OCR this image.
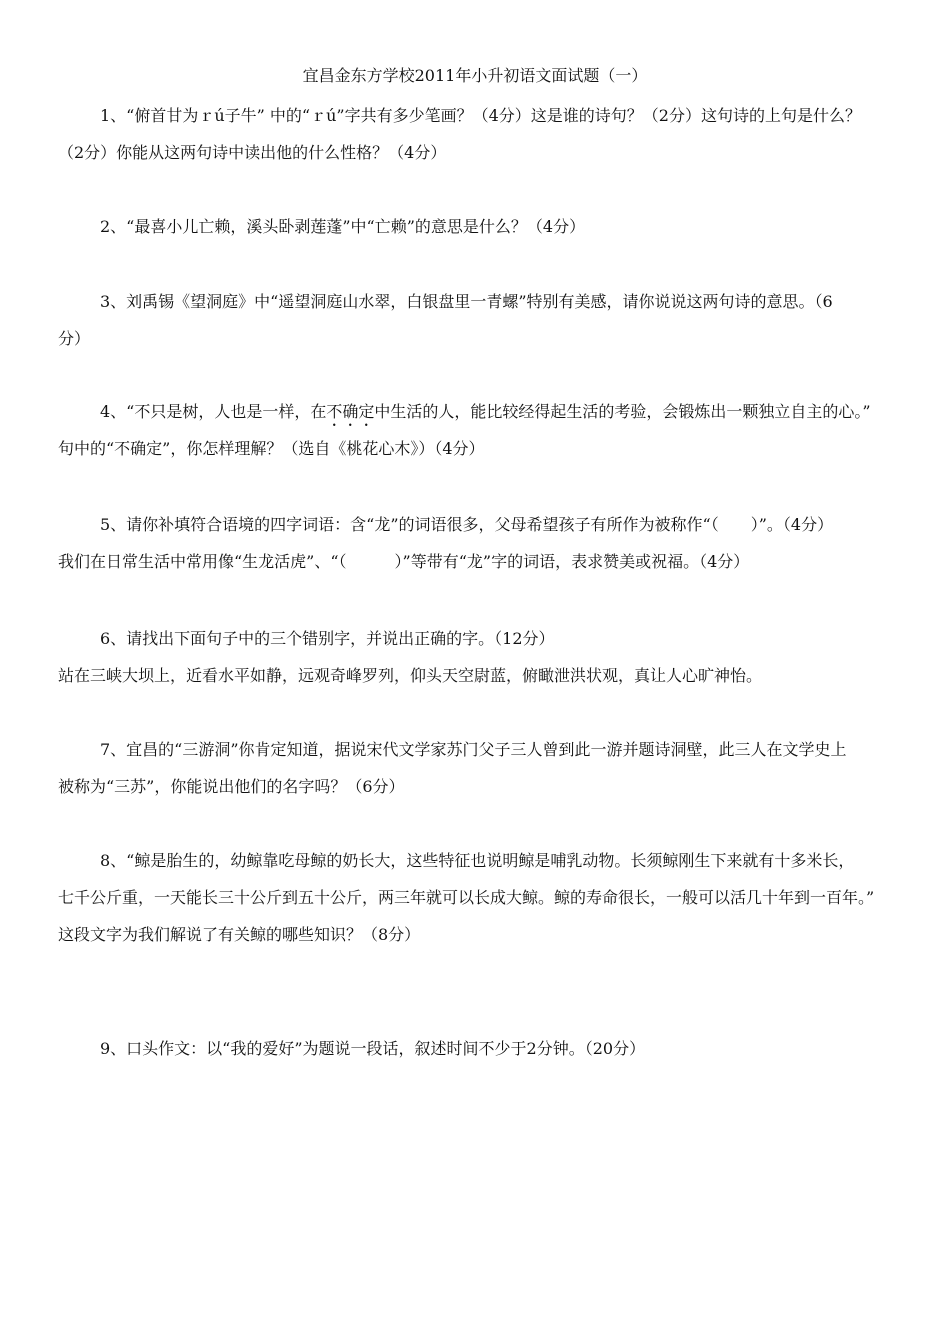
宜昌金东方学校2011年小升初语文面试题（一）
1、“俯首甘为ｒú子牛” 中的“ｒú”字共有多少笔画？（4分）这是谁的诗句？（2分）这句诗的上句是什么？
（2分）你能从这两句诗中读出他的什么性格？（4分）
2、“最喜小儿亡赖，溪头卧剥莲蓬”中“亡赖”的意思是什么？（4分）
3、刘禹锡《望洞庭》中“遥望洞庭山水翠，白银盘里一青螺”特别有美感，请你说说这两句诗的意思。（6
分）
4、“不只是树，人也是一样，在不确定中生活的人，能比较经得起生活的考验，会锻炼出一颗独立自主的心。”
句中的“不确定”，你怎样理解？（选自《桃花心木》）（4分）
5、请你补填符合语境的四字词语：含“龙”的词语很多，父母希望孩子有所作为被称作“（　　）”。（4分）
我们在日常生活中常用像“生龙活虎”、“（　　　）”等带有“龙”字的词语，表求赞美或祝福。（4分）
6、请找出下面句子中的三个错别字，并说出正确的字。（12分）
站在三峡大坝上，近看水平如静，远观奇峰罗列，仰头天空尉蓝，俯瞰泄洪状观，真让人心旷神怡。
7、宜昌的“三游洞”你肯定知道，据说宋代文学家苏门父子三人曾到此一游并题诗洞壁，此三人在文学史上
被称为“三苏”，你能说出他们的名字吗？（6分）
8、“鲸是胎生的，幼鲸靠吃母鲸的奶长大，这些特征也说明鲸是哺乳动物。长须鲸刚生下来就有十多米长，
七千公斤重，一天能长三十公斤到五十公斤，两三年就可以长成大鲸。鲸的寿命很长，一般可以活几十年到一百年。”
这段文字为我们解说了有关鲸的哪些知识？（8分）
9、口头作文：以“我的爱好”为题说一段话，叙述时间不少于2分钟。（20分）
